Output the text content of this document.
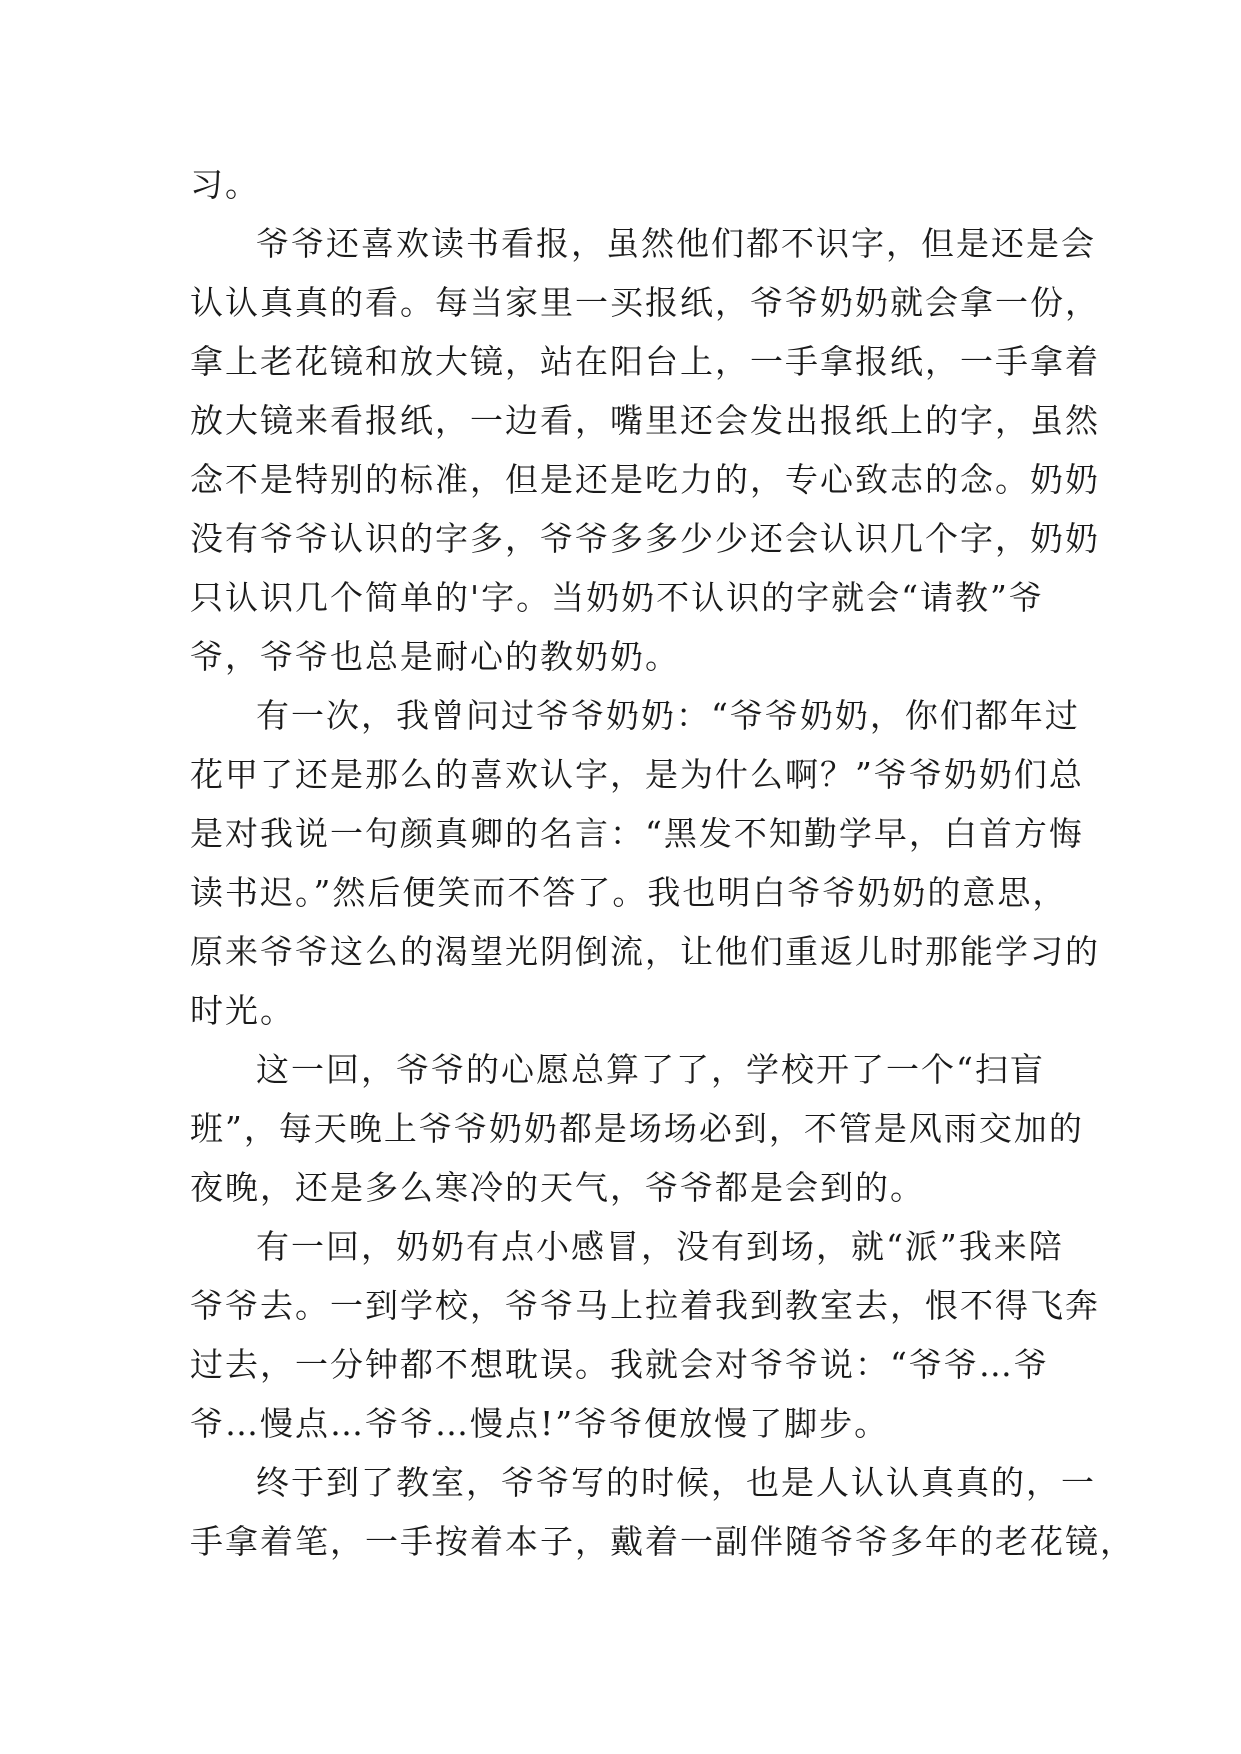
习。
爷爷还喜欢读书看报，虽然他们都不识字，但是还是会
认认真真的看。每当家里一买报纸，爷爷奶奶就会拿一份，
拿上老花镜和放大镜，站在阳台上，一手拿报纸，一手拿着
放大镜来看报纸，一边看，嘴里还会发出报纸上的字，虽然
念不是特别的标准，但是还是吃力的，专心致志的念。奶奶
没有爷爷认识的字多，爷爷多多少少还会认识几个字，奶奶
只认识几个简单的'字。当奶奶不认识的字就会“请教”爷
爷，爷爷也总是耐心的教奶奶。
有一次，我曾问过爷爷奶奶：“爷爷奶奶，你们都年过
花甲了还是那么的喜欢认字，是为什么啊？”爷爷奶奶们总
是对我说一句颜真卿的名言：“黑发不知勤学早，白首方悔
读书迟。”然后便笑而不答了。我也明白爷爷奶奶的意思，
原来爷爷这么的渴望光阴倒流，让他们重返儿时那能学习的
时光。
这一回，爷爷的心愿总算了了，学校开了一个“扫盲
班”，每天晚上爷爷奶奶都是场场必到，不管是风雨交加的
夜晚，还是多么寒冷的天气，爷爷都是会到的。
有一回，奶奶有点小感冒，没有到场，就“派”我来陪
爷爷去。一到学校，爷爷马上拉着我到教室去，恨不得飞奔
过去，一分钟都不想耽误。我就会对爷爷说：“爷爷…爷
爷…慢点…爷爷…慢点!”爷爷便放慢了脚步。
终于到了教室，爷爷写的时候，也是人认认真真的，一
手拿着笔，一手按着本子，戴着一副伴随爷爷多年的老花镜，
